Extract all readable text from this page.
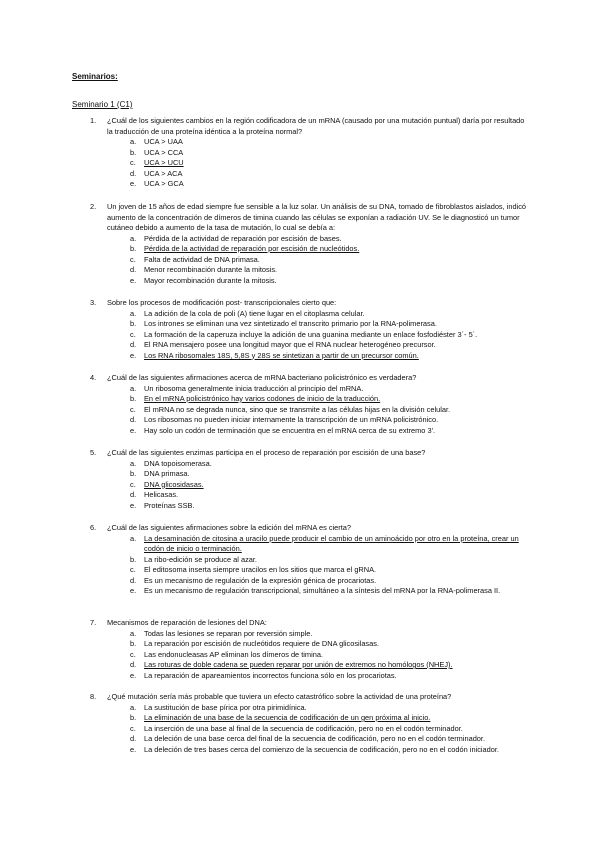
Seminarios:
Seminario 1 (C1)
1. ¿Cuál de los siguientes cambios en la región codificadora de un mRNA (causado por una mutación puntual) daría por resultado la traducción de una proteína idéntica a la proteína normal?
a. UCA > UAA
b. UCA > CCA
c. UCA > UCU
d. UCA > ACA
e. UCA > GCA
2. Un joven de 15 años de edad siempre fue sensible a la luz solar. Un análisis de su DNA, tomado de fibroblastos aislados, indicó aumento de la concentración de dímeros de timina cuando las células se exponían a radiación UV. Se le diagnosticó un tumor cutáneo debido a aumento de la tasa de mutación, lo cual se debía a:
a. Pérdida de la actividad de reparación por escisión de bases.
b. Pérdida de la actividad de reparación por escisión de nucleótidos.
c. Falta de actividad de DNA primasa.
d. Menor recombinación durante la mitosis.
e. Mayor recombinación durante la mitosis.
3. Sobre los procesos de modificación post- transcripcionales cierto que:
a. La adición de la cola de poli (A) tiene lugar en el citoplasma celular.
b. Los intrones se eliminan una vez sintetizado el transcrito primario por la RNA-polimerasa.
c. La formación de la caperuza incluye la adición de una guanina mediante un enlace fosfodiéster 3´- 5´.
d. El RNA mensajero posee una longitud mayor que el RNA nuclear heterogéneo precursor.
e. Los RNA ribosomales 18S, 5,8S y 28S se sintetizan a partir de un precursor común.
4. ¿Cuál de las siguientes afirmaciones acerca de mRNA bacteriano policistrónico es verdadera?
a. Un ribosoma generalmente inicia traducción al principio del mRNA.
b. En el mRNA policistrónico hay varios codones de inicio de la traducción.
c. El mRNA no se degrada nunca, sino que se transmite a las células hijas en la división celular.
d. Los ribosomas no pueden iniciar internamente la transcripción de un mRNA policistrónico.
e. Hay solo un codón de terminación que se encuentra en el mRNA cerca de su extremo 3'.
5. ¿Cuál de las siguientes enzimas participa en el proceso de reparación por escisión de una base?
a. DNA topoisomerasa.
b. DNA primasa.
c. DNA glicosidasas.
d. Helicasas.
e. Proteínas SSB.
6. ¿Cuál de las siguientes afirmaciones sobre la edición del mRNA es cierta?
a. La desaminación de citosina a uracilo puede producir el cambio de un aminoácido por otro en la proteína, crear un codón de inicio o terminación.
b. La ribo-edición se produce al azar.
c. El editosoma inserta siempre uracilos en los sitios que marca el gRNA.
d. Es un mecanismo de regulación de la expresión génica de procariotas.
e. Es un mecanismo de regulación transcripcional, simultáneo a la síntesis del mRNA por la RNA-polimerasa II.
7. Mecanismos de reparación de lesiones del DNA:
a. Todas las lesiones se reparan por reversión simple.
b. La reparación por escisión de nucleótidos requiere de DNA glicosilasas.
c. Las endonucleasas AP eliminan los dímeros de timina.
d. Las roturas de doble cadena se pueden reparar por unión de extremos no homólogos (NHEJ).
e. La reparación de apareamientos incorrectos funciona sólo en los procariotas.
8. ¿Qué mutación sería más probable que tuviera un efecto catastrófico sobre la actividad de una proteína?
a. La sustitución de base pírica por otra pirimidínica.
b. La eliminación de una base de la secuencia de codificación de un gen próxima al inicio.
c. La inserción de una base al final de la secuencia de codificación, pero no en el codón terminador.
d. La deleción de una base cerca del final de la secuencia de codificación, pero no en el codón terminador.
e. La deleción de tres bases cerca del comienzo de la secuencia de codificación, pero no en el codón iniciador.
